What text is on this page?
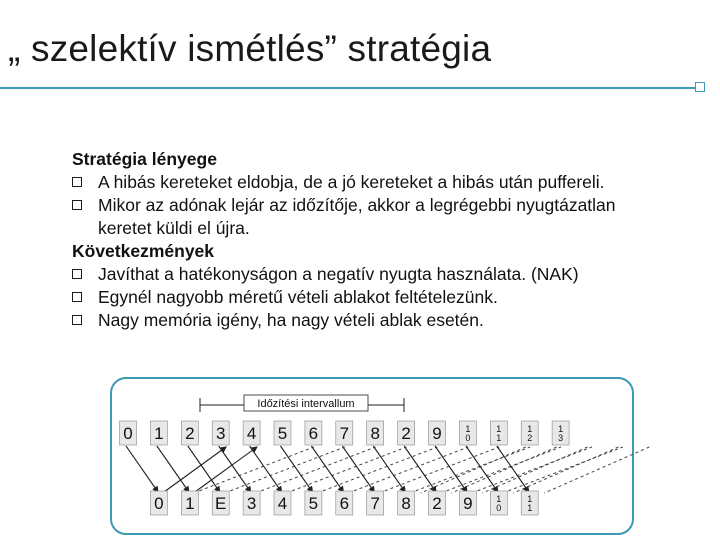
„ szelektív ismétlés” stratégia
Stratégia lényege
A hibás kereteket eldobja, de a jó kereteket a hibás után puffereli.
Mikor az adónak lejár az időzítője, akkor a legrégebbi nyugtázatlan keretet küldi el újra.
Következmények
Javíthat a hatékonyságon a negatív nyugta használata. (NAK)
Egynél nagyobb méretű vételi ablakot feltételezünk.
Nagy memória igény, ha nagy vételi ablak esetén.
0 1 2 3 4 5 6 7 8 2 9	1
0
1
1
1
2
1
3
0 1 E 3 4 5 6 7 8 2 9	1
0
1
1
Időzítési intervallum
